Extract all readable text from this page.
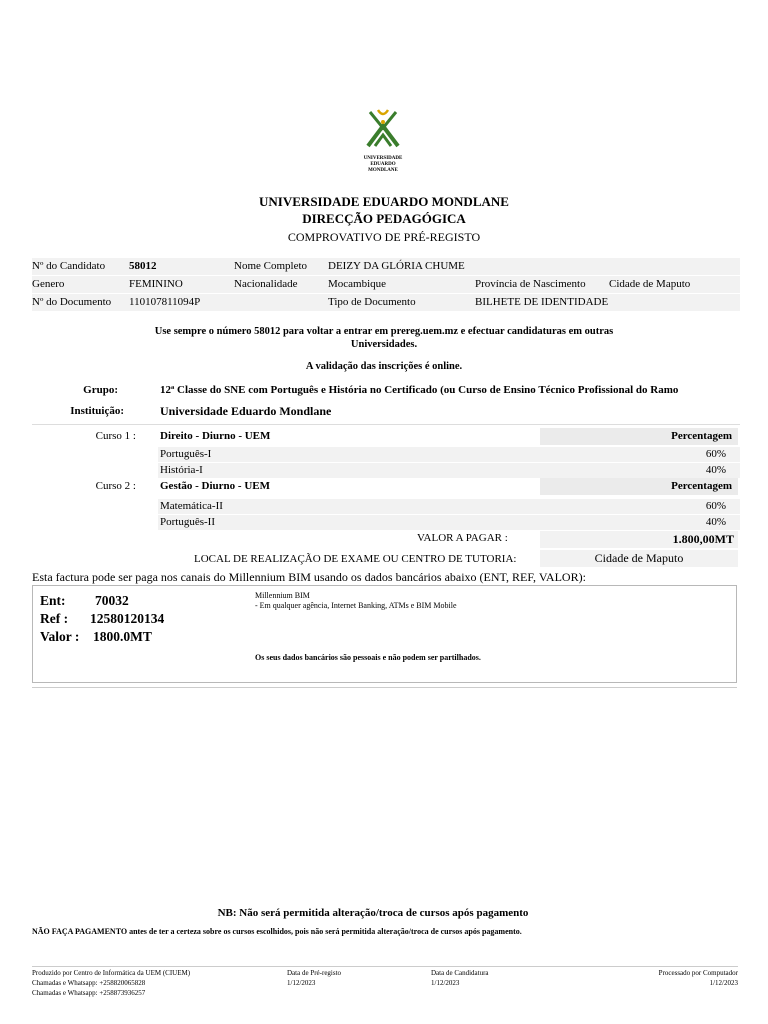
UNIVERSIDADE
EDUARDO
MONDLANE
UNIVERSIDADE EDUARDO MONDLANE
DIRECÇÃO PEDAGÓGICA
COMPROVATIVO DE PRÉ-REGISTO
Nº do Candidato 58012	Nome Completo DEIZY DA GLÓRIA CHUME
Genero	FEMININO	Nacionalidade	Mocambique	Província de Nascimento Cidade de Maputo
Nº do Documento 110107811094P	Tipo de Documento	BILHETE DE IDENTIDADE
Use sempre o número 58012 para voltar a entrar em prereg.uem.mz e efectuar candidaturas em outras
Universidades.
A validação das inscrições é online.
Grupo:	12ª Classe do SNE com Português e História no Certificado (ou Curso de Ensino Técnico Profissional do Ramo
Instituição:	Universidade Eduardo Mondlane
Curso 1 : Direito - Diurno - UEM	Percentagem
Português-I	60%
História-I	40%
Curso 2 : Gestão - Diurno - UEM	Percentagem
Matemática-II	60%
Português-II	40%
VALOR A PAGAR :	1.800,00MT
LOCAL DE REALIZAÇÃO DE EXAME OU CENTRO DE TUTORIA:	Cidade de Maputo
Esta factura pode ser paga nos canais do Millennium BIM usando os dados bancários abaixo (ENT, REF, VALOR):
Ent: 70032
Ref : 12580120134
Valor : 1800.0MT
Millennium BIM
- Em qualquer agência, Internet Banking, ATMs e BIM Mobile
Os seus dados bancários são pessoais e não podem ser partilhados.
NB: Não será permitida alteração/troca de cursos após pagamento
NÃO FAÇA PAGAMENTO antes de ter a certeza sobre os cursos escolhidos, pois não será permitida alteração/troca de cursos após pagamento.
Produzido por Centro de Informática da UEM (CIUEM)
Chamadas e Whatsapp: +258820065828
Chamadas e Whatsapp: +258873936257
Data de Pré-registo
1/12/2023
Data de Candidatura
1/12/2023
Processado por Computador
1/12/2023
